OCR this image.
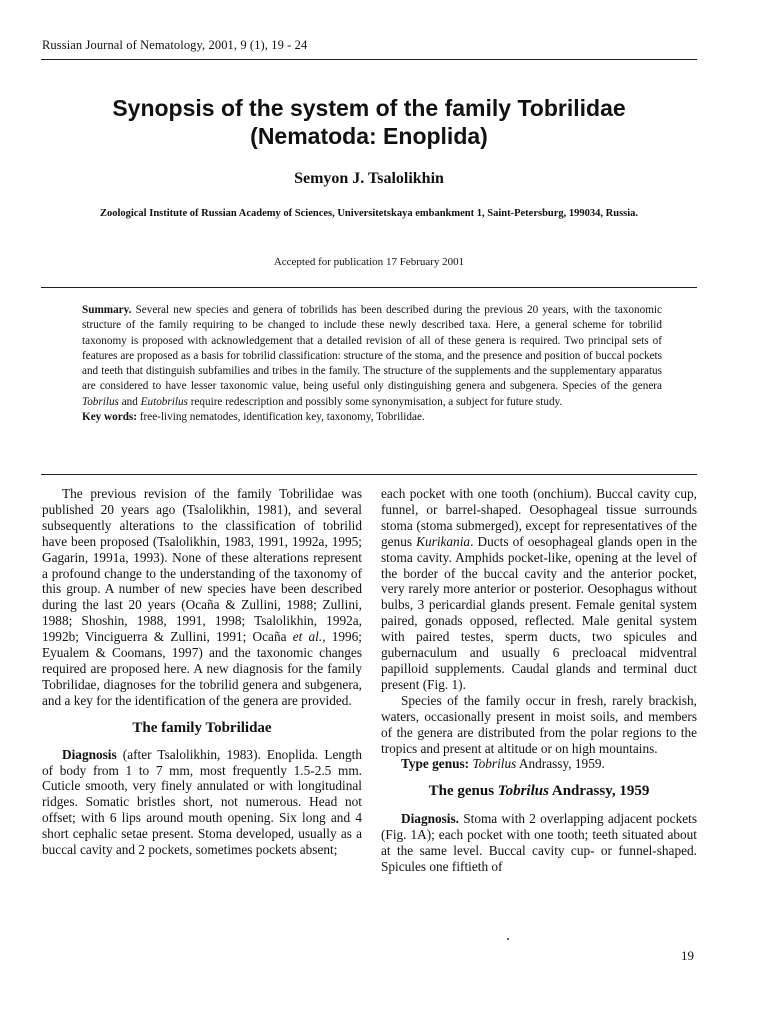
Russian Journal of Nematology, 2001, 9 (1), 19 - 24
Synopsis of the system of the family Tobrilidae
(Nematoda: Enoplida)
Semyon J. Tsalolikhin
Zoological Institute of Russian Academy of Sciences, Universitetskaya embankment 1, Saint-Petersburg, 199034, Russia.
Accepted for publication 17 February 2001

Summary. Several new species and genera of tobrilids has been described during the previous 20 years, with the taxonomic structure of the family requiring to be changed to include these newly described taxa. Here, a general scheme for tobrilid taxonomy is proposed with acknowledgement that a detailed revision of all of these genera is required. Two principal sets of features are proposed as a basis for tobrilid classification: structure of the stoma, and the presence and position of buccal pockets and teeth that distinguish subfamilies and tribes in the family. The structure of the supplements and the supplementary apparatus are considered to have lesser taxonomic value, being useful only distinguishing genera and subgenera. Species of the genera Tobrilus and Eutobrilus require redescription and possibly some synonymisation, a subject for future study.

Key words: free-living nematodes, identification key, taxonomy, Tobrilidae.

The previous revision of the family Tobrilidae was published 20 years ago (Tsalolikhin, 1981), and several subsequently alterations to the classification of tobrilid have been proposed (Tsalolikhin, 1983, 1991, 1992a, 1995; Gagarin, 1991a, 1993). None of these alterations represent a profound change to the understanding of the taxonomy of this group. A number of new species have been described during the last 20 years (Ocaña & Zullini, 1988; Zullini, 1988; Shoshin, 1988, 1991, 1998; Tsalolikhin, 1992a, 1992b; Vinciguerra & Zullini, 1991; Ocaña et al., 1996; Eyualem & Coomans, 1997) and the taxonomic changes required are proposed here. A new diagnosis for the family Tobrilidae, diagnoses for the tobrilid genera and subgenera, and a key for the identification of the genera are provided.

The family Tobrilidae

Diagnosis (after Tsalolikhin, 1983). Enoplida. Length of body from 1 to 7 mm, most frequently 1.5-2.5 mm. Cuticle smooth, very finely annulated or with longitudinal ridges. Somatic bristles short, not numerous. Head not offset; with 6 lips around mouth opening. Six long and 4 short cephalic setae present. Stoma developed, usually as a buccal cavity and 2 pockets, sometimes pockets absent;

each pocket with one tooth (onchium). Buccal cavity cup, funnel, or barrel-shaped. Oesophageal tissue surrounds stoma (stoma submerged), except for representatives of the genus Kurikania. Ducts of oesophageal glands open in the stoma cavity. Amphids pocket-like, opening at the level of the border of the buccal cavity and the anterior pocket, very rarely more anterior or posterior. Oesophagus without bulbs, 3 pericardial glands present. Female genital system paired, gonads opposed, reflected. Male genital system with paired testes, sperm ducts, two spicules and gubernaculum and usually 6 precloacal midventral papilloid supplements. Caudal glands and terminal duct present (Fig. 1).

Species of the family occur in fresh, rarely brackish, waters, occasionally present in moist soils, and members of the genera are distributed from the polar regions to the tropics and present at altitude or on high mountains.

Type genus: Tobrilus Andrassy, 1959.

The genus Tobrilus Andrassy, 1959

Diagnosis. Stoma with 2 overlapping adjacent pockets (Fig. 1A); each pocket with one tooth; teeth situated about at the same level. Buccal cavity cup- or funnel-shaped. Spicules one fiftieth of

19
